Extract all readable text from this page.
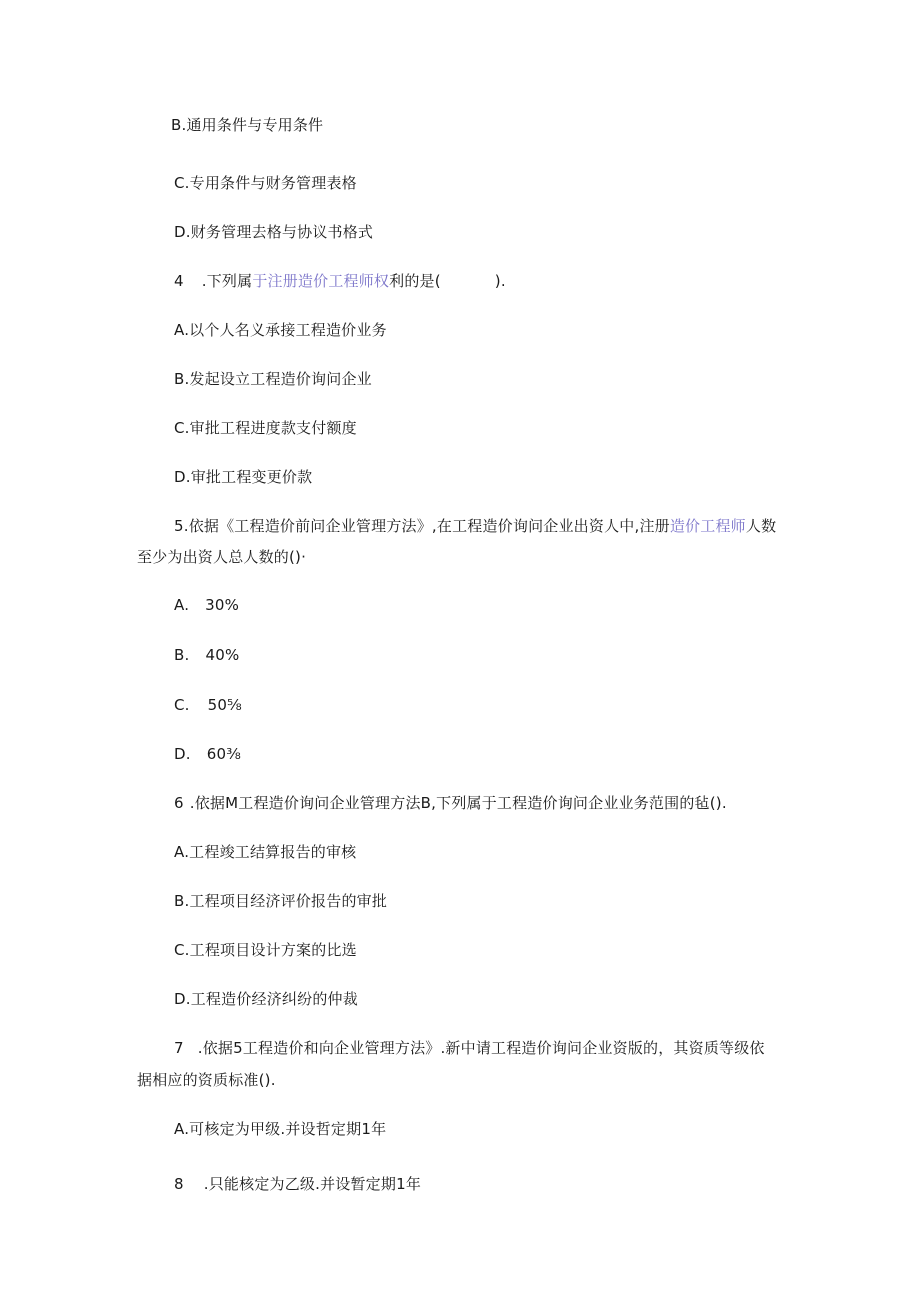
B.通用条件与专用条件
C.专用条件与财务管理表格
D.财务管理去格与协议书格式
4 .下列属于注册造价工程师权利的是(	).
A.以个人名义承接工程造价业务
B.发起设立工程造价询问企业
C.审批工程进度款支付额度
D.审批工程变更价款
5.依据《工程造价前问企业管理方法》,在工程造价询问企业出资人中,注册造价工程师人数
至少为出资人总人数的()·
A. 30%
B. 40%
C. 50⅝
D. 60⅜
6 .依据M工程造价询问企业管理方法B,下列属于工程造价询问企业业务范围的毡().
A.工程竣工结算报告的审核
B.工程项目经济评价报告的审批
C.工程项目设计方案的比选
D.工程造价经济纠纷的仲裁
7 .依据5工程造价和向企业管理方法》.新中请工程造价询问企业资版的，其资质等级依
据相应的资质标准().
A.可核定为甲级.并设哲定期1年
8 .只能核定为乙级.并设暂定期1年
